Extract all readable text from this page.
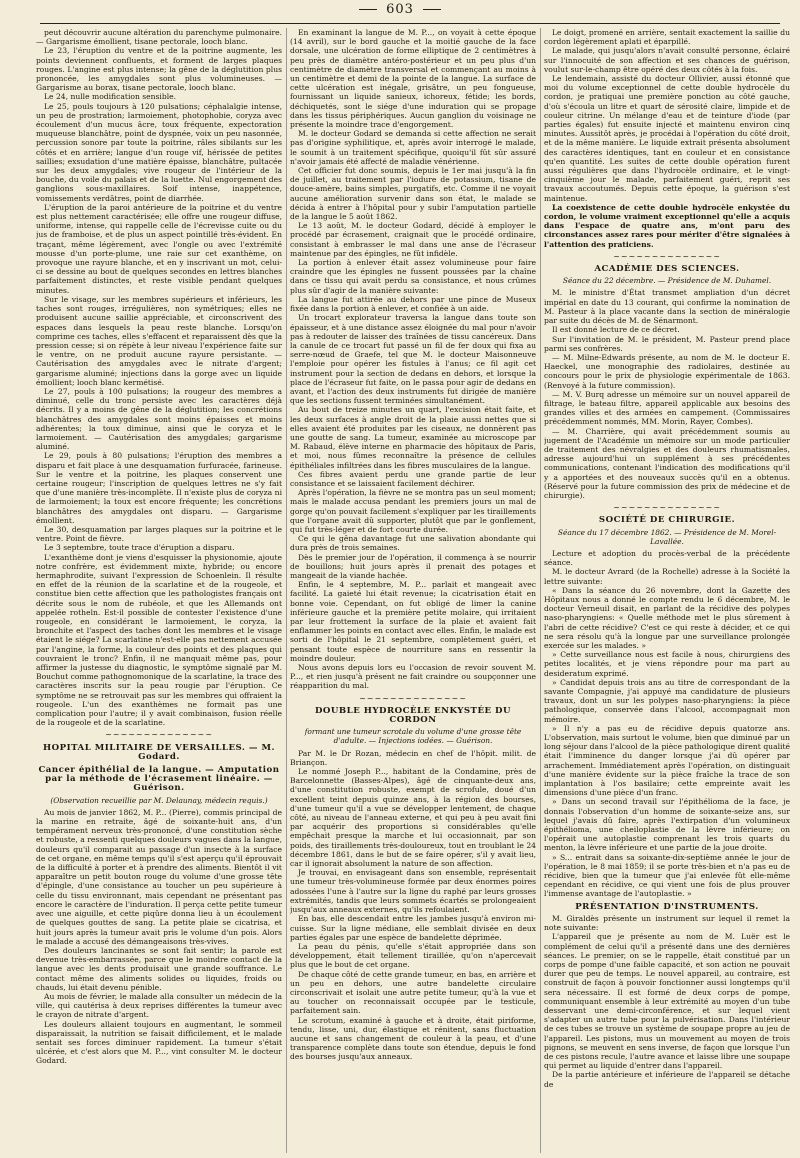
603

peut découvrir aucune altération du parenchyme pulmonaire. — Gargarisme émollient, tisane pectorale, looch blanc.

Le 23, l'éruption du ventre et de la poitrine augmente, les points deviennent confluents, et forment de larges plaques rouges. L'angine est plus intense; la gêne de la déglutition plus prononcée, les amygdales sont plus volumineuses. — Gargarisme au borax, tisane pectorale, looch blanc.

Le 24, nulle modification sensible.

Le 25, pouls toujours à 120 pulsations; céphalalgie intense, un peu de prostration; larmoiement, photophobie, coryza avec écoulement d'un mucus âcre, toux fréquente, expectoration muqueuse blanchâtre, point de dyspnée, voix un peu nasonnée, percussion sonore par toute la poitrine, râles sibilants sur les côtés et en arrière; langue d'un rouge vif, hérissée de petites saillies; exsudation d'une matière épaisse, blanchâtre, pultacée sur les deux amygdales; vive rougeur de l'intérieur de la bouche, du voile du palais et de la luette. Nul engorgement des ganglions sous-maxillaires. Soif intense, inappétence, vomissements verdâtres, point de diarrhée.

L'éruption de la paroi antérieure de la poitrine et du ventre est plus nettement caractérisée; elle offre une rougeur diffuse, uniforme, intense, qui rappelle celle de l'écrevisse cuite ou du jus de framboise, et de plus un aspect pointillé très-évident. En traçant, même légèrement, avec l'ongle ou avec l'extrémité mousse d'un porte-plume, une raie sur cet exanthème, on provoque une rayure blanche, et en y inscrivant un mot, celui-ci se dessine au bout de quelques secondes en lettres blanches parfaitement distinctes, et reste visible pendant quelques minutes.

Sur le visage, sur les membres supérieurs et inférieurs, les taches sont rouges, irrégulières, non symétriques; elles ne produisent aucune saillie appréciable, et circonscrivent des espaces dans lesquels la peau reste blanche. Lorsqu'on comprime ces taches, elles s'effacent et reparaissent dès que la pression cesse; si on répète à leur niveau l'expérience faite sur le ventre, on ne produit aucune rayure persistante. — Cautérisation des amygdales avec le nitrate d'argent; gargarisme aluminé; injections dans la gorge avec un liquide émollient; looch blanc kermétisé.

Le 27, pouls à 100 pulsations; la rougeur des membres a diminué, celle du tronc persiste avec les caractères déjà décrits. Il y a moins de gêne de la déglutition; les concrétions blanchâtres des amygdales sont moins épaisses et moins adhérentes; la toux diminue, ainsi que le coryza et le larmoiement. — Cautérisation des amygdales; gargarisme aluminé.

Le 29, pouls à 80 pulsations; l'éruption des membres a disparu et fait place à une desquamation furfuracée, farineuse. Sur le ventre et la poitrine, les plaques conservent une certaine rougeur; l'inscription de quelques lettres ne s'y fait que d'une manière très-incomplète. Il n'existe plus de coryza ni de larmoiement; la toux est encore fréquente; les concrétions blanchâtres des amygdales ont disparu. — Gargarisme émollient.

Le 30, desquamation par larges plaques sur la poitrine et le ventre. Point de fièvre.

Le 3 septembre, toute trace d'éruption a disparu.

L'exanthème dont je viens d'esquisser la physionomie, ajoute notre confrère, est évidemment mixte, hybride; ou encore hermaphrodite, suivant l'expression de Schoenlein. Il résulte en effet de la réunion de la scarlatine et de la rougeole, et constitue bien cette affection que les pathologistes français ont décrite sous le nom de rubéole, et que les Allemands ont appelée rotheln. Est-il possible de contester l'existence d'une rougeole, en considérant le larmoiement, le coryza, la bronchite et l'aspect des taches dont les membres et le visage étaient le siége? La scarlatine n'est-elle pas nettement accusée par l'angine, la forme, la couleur des points et des plaques qui couvraient le tronc? Enfin, il ne manquait même pas, pour affirmer la justesse du diagnostic, le symptôme signalé par M. Bouchut comme pathognomonique de la scarlatine, la trace des caractères inscrits sur la peau rougie par l'éruption. Ce symptôme ne se retrouvait pas sur les membres qui offraient la rougeole. L'un des exanthèmes ne formait pas une complication pour l'autre; il y avait combinaison, fusion réelle de la rougeole et de la scarlatine.

~~~~~~~~~~~~~~
HOPITAL MILITAIRE DE VERSAILLES. — M. Godard.
Cancer épithélial de la langue. — Amputation par la méthode de l'écrasement linéaire. — Guérison.
(Observation recueillie par M. Delaunay, médecin requis.)

Au mois de janvier 1862, M. P... (Pierre), commis principal de la marine en retraite, âgé de soixante-huit ans, d'un tempérament nerveux très-prononcé, d'une constitution sèche et robuste, a ressenti quelques douleurs vagues dans la langue, douleurs qu'il comparait au passage d'un insecte à la surface de cet organe, en même temps qu'il s'est aperçu qu'il éprouvait de la difficulté à porter et à prendre des aliments. Bientôt il vit apparaître un petit bouton rouge du volume d'une grosse tête d'épingle, d'une consistance au toucher un peu supérieure à celle du tissu environnant, mais cependant ne présentant pas encore le caractère de l'induration. Il perça cette petite tumeur avec une aiguille, et cette piqûre donna lieu à un écoulement de quelques gouttes de sang. La petite plaie se cicatrisa, et huit jours après la tumeur avait pris le volume d'un pois. Alors le malade a accusé des démangeaisons très-vives.

Des douleurs lancinantes se sont fait sentir; la parole est devenue très-embarrassée, parce que le moindre contact de la langue avec les dents produisait une grande souffrance. Le contact même des aliments solides ou liquides, froids ou chauds, lui était devenu pénible.

Au mois de février, le malade alla consulter un médecin de la ville, qui cautérisa à deux reprises différentes la tumeur avec le crayon de nitrate d'argent.

Les douleurs allaient toujours en augmentant, le sommeil disparaissait, la nutrition se faisait difficilement, et le malade sentait ses forces diminuer rapidement. La tumeur s'était ulcérée, et c'est alors que M. P..., vint consulter M. le docteur Godard.

En examinant la langue de M. P..., on voyait à cette époque (14 avril), sur le bord gauche et la moitié gauche de la face dorsale, une ulcération de forme elliptique de 2 centimètres à peu près de diamètre antéro-postérieur et un peu plus d'un centimètre de diamètre transversal et commençant au moins à un centimètre et demi de la pointe de la langue. La surface de cette ulcération est inégale, grisâtre, un peu fongueuse, fournissant un liquide sanieux, ichoreux, fétide; les bords, déchiquetés, sont le siége d'une induration qui se propage dans les tissus périphériques. Aucun ganglion du voisinage ne présente la moindre trace d'engorgement.

M. le docteur Godard se demanda si cette affection ne serait pas d'origine syphilitique, et, après avoir interrogé le malade, le soumit à un traitement spécifique, quoiqu'il fût sûr assuré n'avoir jamais été affecté de maladie vénérienne.

Cet officier fut donc soumis, depuis le 1er mai jusqu'à la fin de juillet, au traitement par l'iodure de potassium, tisane de douce-amère, bains simples, purgatifs, etc. Comme il ne voyait aucune amélioration survenir dans son état, le malade se décida à entrer à l'hôpital pour y subir l'amputation partielle de la langue le 5 août 1862.

Le 13 août, M. le docteur Godard, décidé à employer le procédé par écrasement, craignait que le procédé ordinaire, consistant à embrasser le mal dans une anse de l'écraseur maintenue par des épingles, ne fût infidèle.

La portion à enlever était assez volumineuse pour faire craindre que les épingles ne fussent poussées par la chaîne dans ce tissu qui avait perdu sa consistance, et nous crûmes plus sûr d'agir de la manière suivante:

La langue fut attirée au dehors par une pince de Museux fixée dans la portion à enlever, et confiée à un aide.

Un trocart explorateur traversa la langue dans toute son épaisseur, et à une distance assez éloignée du mal pour n'avoir pas à redouter de laisser des traînées de tissu cancéreux. Dans la canule de ce trocart fut passé un fil de fer doux qui fixa au serre-nœud de Graefe, tel que M. le docteur Maisonneuve l'emploie pour opérer les fistules à l'anus; ce fil agit cet instrument pour la section de dedans en dehors, et lorsque la place de l'écraseur fut faite, on le passa pour agir de dedans en avant, et l'action des deux instruments fut dirigée de manière que les sections fussent terminées simultanément.

Au bout de treize minutes un quart, l'excision était faite, et les deux surfaces à angle droit de la plaie aussi nettes que si elles avaient été produites par les ciseaux, ne donnèrent pas une goutte de sang. La tumeur, examinée au microscope par M. Rabaud, élève interne en pharmacie des hôpitaux de Paris, et moi, nous fûmes reconnaître la présence de cellules épithéliales infiltrées dans les fibres musculaires de la langue.

Ces fibres avaient perdu une grande partie de leur consistance et se laissaient facilement déchirer.

Après l'opération, la fièvre ne se montra pas un seul moment; mais le malade accusa pendant les premiers jours un mal de gorge qu'on pouvait facilement s'expliquer par les tiraillements que l'organe avait dû supporter, plutôt que par le gonflement, qui fut très-léger et de fort courte durée.

Ce qui le gêna davantage fut une salivation abondante qui dura près de trois semaines.

Dès le premier jour de l'opération, il commença à se nourrir de bouillons; huit jours après il prenait des potages et mangeait de la viande hachée.

Enfin, le 4 septembre, M. P... parlait et mangeait avec facilité. La gaieté lui était revenue; la cicatrisation était en bonne voie. Cependant, on fut obligé de limer la canine inférieure gauche et la première petite molaire, qui irritaient par leur frottement la surface de la plaie et avaient fait enflammer les points en contact avec elles. Enfin, le malade est sorti de l'hôpital le 21 septembre, complètement guéri, et pensant toute espèce de nourriture sans en ressentir la moindre douleur.

Nous avons depuis lors eu l'occasion de revoir souvent M. P..., et rien jusqu'à présent ne fait craindre ou soupçonner une réapparition du mal.

~~~~~~~~~~~~~~
DOUBLE HYDROCÈLE ENKYSTÉE DU CORDON
formant une tumeur scrotale du volume d'une grosse tête d'adulte. — Injections iodées. — Guérison.

Par M. le Dr Rozan, médecin en chef de l'hôpit. milit. de Briançon.

Le nommé Joseph P..., habitant de la Condamine, près de Barcelonnette (Basses-Alpes), âgé de cinquante-deux ans, d'une constitution robuste, exempt de scrofule, doué d'un excellent teint depuis quinze ans, à la région des bourses, d'une tumeur qu'il a vue se développer lentement, de chaque côté, au niveau de l'anneau externe, et qui peu à peu avait fini par acquérir des proportions si considérables qu'elle empêchait presque la marche et lui occasionnait, par son poids, des tiraillements très-douloureux, tout en troublant le 24 décembre 1861, dans le but de se faire opérer, s'il y avait lieu, car il ignorait absolument la nature de son affection.

Je trouvai, en envisageant dans son ensemble, représentait une tumeur très-volumineuse formée par deux énormes poires adossées l'une à l'autre sur la ligne du raphé par leurs grosses extrémités, tandis que leurs sommets écartés se prolongeaient jusqu'aux anneaux externes, qu'ils refoulaient.

En bas, elle descendait entre les jambes jusqu'à environ mi-cuisse. Sur la ligne médiane, elle semblait divisée en deux parties égales par une espèce de bandelette déprimée.

La peau du pénis, qu'elle s'était appropriée dans son développement, était tellement tiraillée, qu'on n'apercevait plus que le bout de cet organe.

De chaque côté de cette grande tumeur, en bas, en arrière et un peu en dehors, une autre bandelette circulaire circonscrivait et isolait une autre petite tumeur, qu'à la vue et au toucher on reconnaissait occupée par le testicule, parfaitement sain.

Le scrotum, examiné à gauche et à droite, était piriforme, tendu, lisse, uni, dur, élastique et rénitent, sans fluctuation aucune et sans changement de couleur à la peau, et d'une transparence complète dans toute son étendue, depuis le fond des bourses jusqu'aux anneaux.

Le doigt, promené en arrière, sentait exactement la saillie du cordon légèrement aplati et éparpillé.

Le malade, qui jusqu'alors n'avait consulté personne, éclairé sur l'innocuité de son affection et ses chances de guérison, voulut sur-le-champ être opéré des deux côtés à la fois.

Le lendemain, assisté du docteur Ollivier, aussi étonné que moi du volume exceptionnel de cette double hydrocèle du cordon, je pratiquai une première ponction au côté gauche, d'où s'écoula un litre et quart de sérosité claire, limpide et de couleur citrine. Un mélange d'eau et de teinture d'iode (par parties égales) fut ensuite injecté et maintenu environ cinq minutes. Aussitôt après, je procédai à l'opération du côté droit, et de la même manière. Le liquide extrait présenta absolument des caractères identiques, tant en couleur et en consistance qu'en quantité. Les suites de cette double opération furent aussi régulières que dans l'hydrocèle ordinaire, et le vingt-cinquième jour le malade, parfaitement guéri, reprit ses travaux accoutumés. Depuis cette époque, la guérison s'est maintenue.

La coexistence de cette double hydrocèle enkystée du cordon, le volume vraiment exceptionnel qu'elle a acquis dans l'espace de quatre ans, m'ont paru des circonstances assez rares pour mériter d'être signalées à l'attention des praticiens.

~~~~~~~~~~~~~~
ACADÉMIE DES SCIENCES.
Séance du 22 décembre. — Présidence de M. Duhamel.

M. le ministre d'État transmet ampliation d'un décret impérial en date du 13 courant, qui confirme la nomination de M. Pasteur à la place vacante dans la section de minéralogie par suite du décès de M. de Sénarmont.

Il est donné lecture de ce décret.

Sur l'invitation de M. le président, M. Pasteur prend place parmi ses confrères.

— M. Milne-Edwards présente, au nom de M. le docteur E. Haeckel, une monographie des radiolaires, destinée au concours pour le prix de physiologie expérimentale de 1863. (Renvoyé à la future commission).

— M. V. Burq adresse un mémoire sur un nouvel appareil de filtrage, le bateau filtre, appareil applicable aux besoins des grandes villes et des armées en campement. (Commissaires précédemment nommés, MM. Morin, Rayer, Combes).

— M. Charrière, qui avait précédemment soumis au jugement de l'Académie un mémoire sur un mode particulier de traitement des névralgies et des douleurs rhumatismales, adresse aujourd'hui un supplément à ses précédentes communications, contenant l'indication des modifications qu'il y a apportées et des nouveaux succès qu'il en a obtenus. (Réservé pour la future commission des prix de médecine et de chirurgie).

~~~~~~~~~~~~~~
SOCIÉTÉ DE CHIRURGIE.
Séance du 17 décembre 1862. — Présidence de M. Morel-Lavallée.

Lecture et adoption du procès-verbal de la précédente séance.

M. le docteur Avrard (de la Rochelle) adresse à la Société la lettre suivante:

« Dans la séance du 26 novembre, dont la Gazette des Hôpitaux nous a donné le compte rendu le 6 décembre, M. le docteur Verneuil disait, en parlant de la récidive des polypes naso-pharyngiens: « Quelle méthode met le plus sûrement à l'abri de cette récidive? C'est ce qui reste à décider, et ce qui ne sera résolu qu'à la longue par une surveillance prolongée exercée sur les malades. »

» Cette surveillance nous est facile à nous, chirurgiens des petites localités, et je viens répondre pour ma part au desideratum exprimé.

» Candidat depuis trois ans au titre de correspondant de la savante Compagnie, j'ai appuyé ma candidature de plusieurs travaux, dont un sur les polypes naso-pharyngiens: la pièce pathologique, conservée dans l'alcool, accompagnait mon mémoire.

» Il n'y a pas eu de récidive depuis quatorze ans. L'observation, mais surtout le volume, bien que diminué par un long séjour dans l'alcool de la pièce pathologique dirent qualité était l'imminence du danger lorsque j'ai dû opérer par arrachement. Immédiatement après l'opération, on distinguait d'une manière évidente sur la pièce fraîche la trace de son implantation à l'os basilaire; cette empreinte avait les dimensions d'une pièce d'un franc.

» Dans un second travail sur l'épithélioma de la face, je donnais l'observation d'un homme de soixante-seize ans, sur lequel j'avais dû faire, après l'extirpation d'un volumineux épithélioma, une cheiloplastie de la lèvre inférieure; on l'opérait une autoplastie comprenant les trois quarts du menton, la lèvre inférieure et une partie de la joue droite.

» S... entrait dans sa soixante-dix-septième année le jour de l'opération, le 8 mai 1859; il se porte très-bien et n'a pas eu de récidive, bien que la tumeur que j'ai enlevée fût elle-même cependant en récidive, ce qui vient une fois de plus prouver l'immense avantage de l'autoplastie. »

PRÉSENTATION D'INSTRUMENTS.

M. Giraldès présente un instrument sur lequel il remet la note suivante:

L'appareil que je présente au nom de M. Luër est le complément de celui qu'il a présenté dans une des dernières séances. Le premier, on se le rappelle, était constitué par un corps de pompe d'une faible capacité, et son action ne pouvait durer que peu de temps. Le nouvel appareil, au contraire, est construit de façon à pouvoir fonctionner aussi longtemps qu'il sera nécessaire. Il est formé de deux corps de pompe, communiquant ensemble à leur extrémité au moyen d'un tube desservant une demi-circonférence, et sur lequel vient s'adapter un autre tube pour la pulvérisation. Dans l'intérieur de ces tubes se trouve un système de soupape propre au jeu de l'appareil. Les pistons, mus un mouvement au moyen de trois pignons, se meuvent en sens inverse, de façon que lorsque l'un de ces pistons recule, l'autre avance et laisse libre une soupape qui permet au liquide d'entrer dans l'appareil.

De la partie antérieure et inférieure de l'appareil se détache de
